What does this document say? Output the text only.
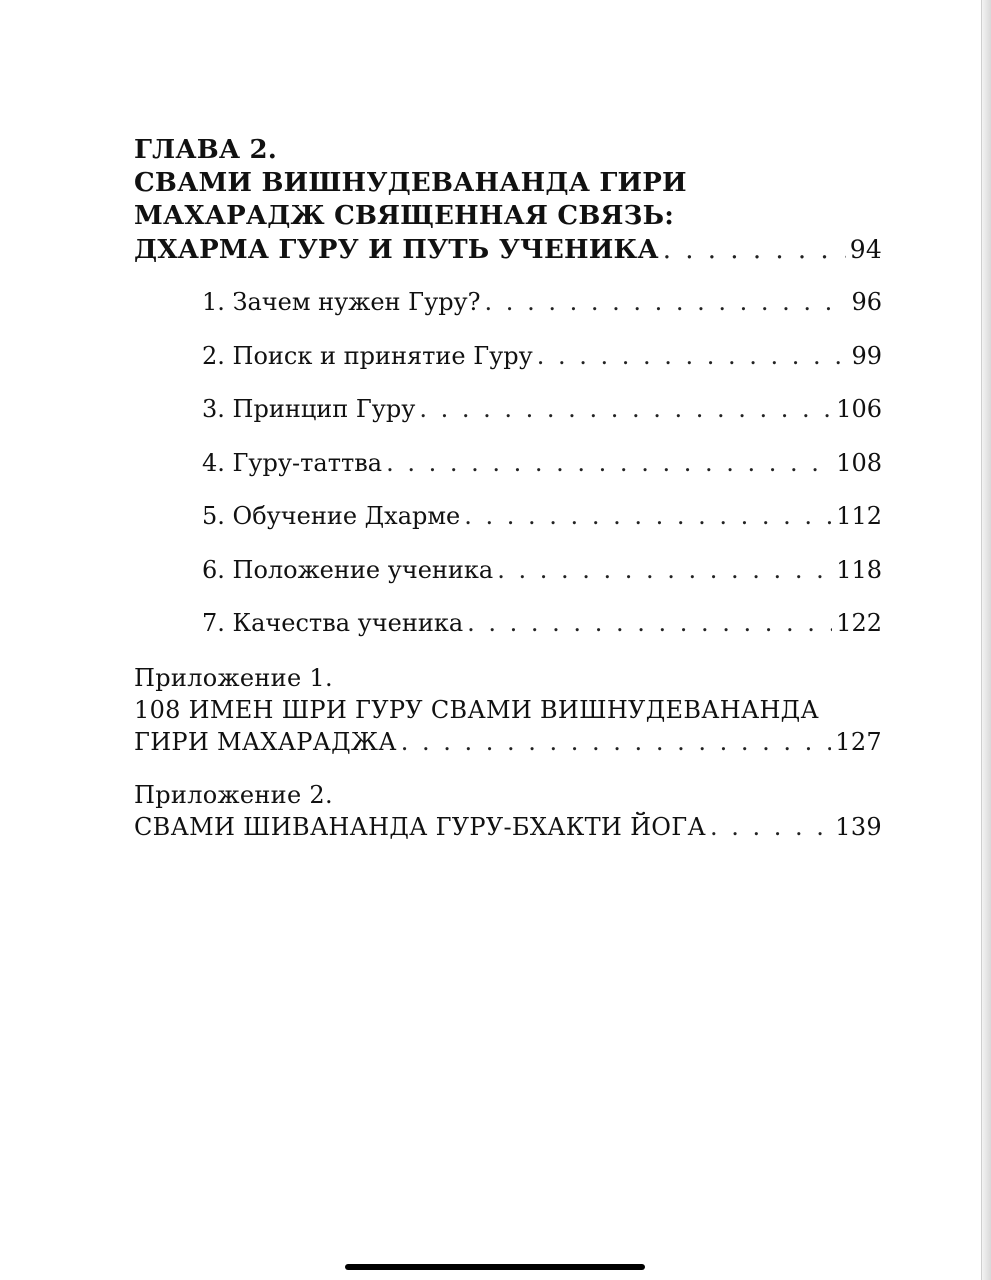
ГЛАВА 2.
СВАМИ ВИШНУДЕВАНАНДА ГИРИ
МАХАРАДЖ СВЯЩЕННАЯ СВЯЗЬ:
ДХАРМА ГУРУ И ПУТЬ УЧЕНИКА . . .	94
1. Зачем нужен Гуру? . . .	96
2. Поиск и принятие Гуру . . .	99
3. Принцип Гуру . . .	106
4. Гуру-таттва . . .	108
5. Обучение Дхарме . . .	112
6. Положение ученика . . .	118
7. Качества ученика . . .	122
Приложение 1.
108 ИМЕН ШРИ ГУРУ СВАМИ ВИШНУДЕВАНАНДА
ГИРИ МАХАРАДЖА . . .	127
Приложение 2.
СВАМИ ШИВАНАНДА ГУРУ-БХАКТИ ЙОГА . . .	139
